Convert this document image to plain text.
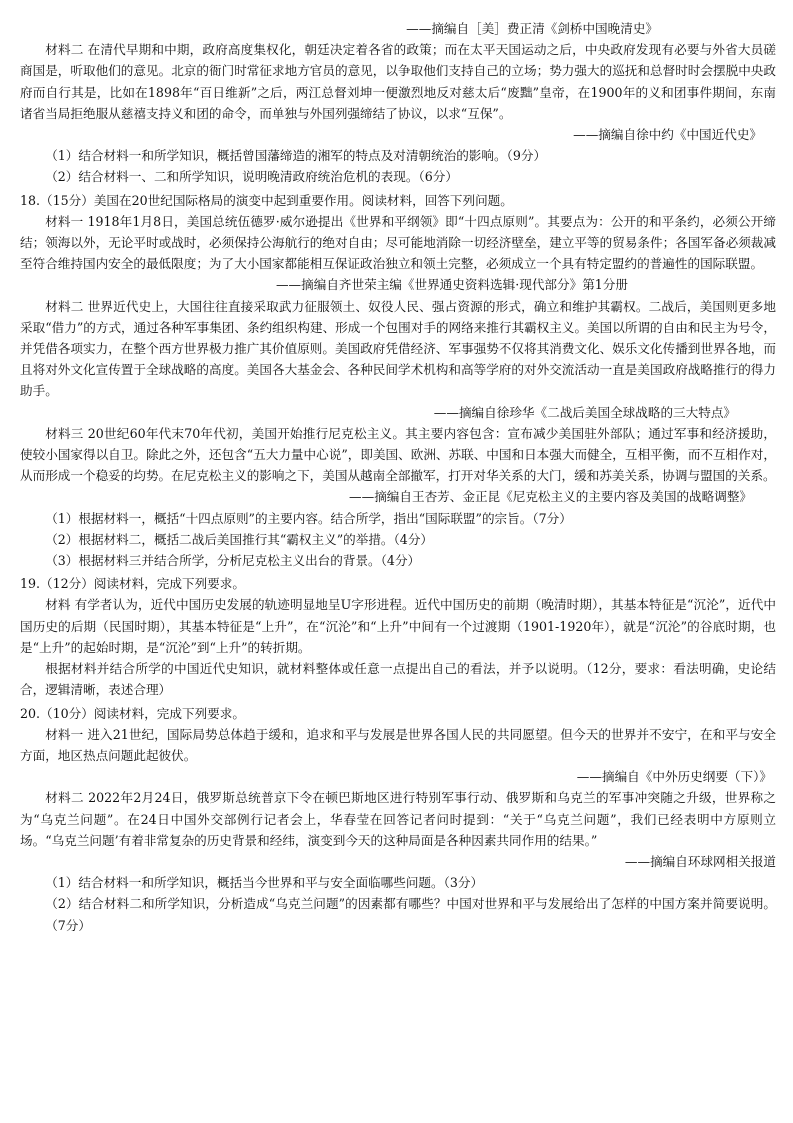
——摘编自［美］费正清《剑桥中国晚清史》

材料二 在清代早期和中期，政府高度集权化，朝廷决定着各省的政策；而在太平天国运动之后，中央政府发现有必要与外省大员磋商国是，听取他们的意见。北京的衙门时常征求地方官员的意见，以争取他们支持自己的立场；势力强大的巡抚和总督时时会摆脱中央政府而自行其是，比如在1898年“百日维新”之后，两江总督刘坤一便激烈地反对慈太后“废黜”皇帝，在1900年的义和团事件期间，东南诸省当局拒绝服从慈禧支持义和团的命令，而单独与外国列强缔结了协议，以求“互保”。

——摘编自徐中约《中国近代史》

（1）结合材料一和所学知识，概括曾国藩缔造的湘军的特点及对清朝统治的影响。（9分）

（2）结合材料一、二和所学知识，说明晚清政府统治危机的表现。（6分）

18.（15分）美国在20世纪国际格局的演变中起到重要作用。阅读材料，回答下列问题。

材料一 1918年1月8日，美国总统伍德罗·威尔逊提出《世界和平纲领》即“十四点原则”。其要点为：公开的和平条约，必须公开缔结；领海以外，无论平时或战时，必须保持公海航行的绝对自由；尽可能地消除一切经济壁垒，建立平等的贸易条件；各国军备必须裁减至符合维持国内安全的最低限度；为了大小国家都能相互保证政治独立和领土完整，必须成立一个具有特定盟约的普遍性的国际联盟。

——摘编自齐世荣主编《世界通史资料选辑·现代部分》第1分册

材料二 世界近代史上，大国往往直接采取武力征服领土、奴役人民、强占资源的形式，确立和维护其霸权。二战后，美国则更多地采取“借力”的方式，通过各种军事集团、条约组织构建、形成一个包围对手的网络来推行其霸权主义。美国以所谓的自由和民主为号令，并凭借各项实力，在整个西方世界极力推广其价值原则。美国政府凭借经济、军事强势不仅将其消费文化、娱乐文化传播到世界各地，而且将对外文化宣传置于全球战略的高度。美国各大基金会、各种民间学术机构和高等学府的对外交流活动一直是美国政府战略推行的得力助手。

——摘编自徐珍华《二战后美国全球战略的三大特点》

材料三 20世纪60年代末70年代初，美国开始推行尼克松主义。其主要内容包含：宣布减少美国驻外部队；通过军事和经济援助，使较小国家得以自卫。除此之外，还包含“五大力量中心说”，即美国、欧洲、苏联、中国和日本强大而健全，互相平衡，而不互相作对，从而形成一个稳妥的均势。在尼克松主义的影响之下，美国从越南全部撤军，打开对华关系的大门，缓和苏美关系，协调与盟国的关系。

——摘编自王杏芳、金正昆《尼克松主义的主要内容及美国的战略调整》

（1）根据材料一，概括“十四点原则”的主要内容。结合所学，指出“国际联盟”的宗旨。（7分）

（2）根据材料二，概括二战后美国推行其“霸权主义”的举措。（4分）

（3）根据材料三并结合所学，分析尼克松主义出台的背景。（4分）

19.（12分）阅读材料，完成下列要求。

材料 有学者认为，近代中国历史发展的轨迹明显地呈U字形进程。近代中国历史的前期（晚清时期），其基本特征是“沉沦”，近代中国历史的后期（民国时期），其基本特征是“上升”，在“沉沦”和“上升”中间有一个过渡期（1901-1920年），就是“沉沦”的谷底时期，也是“上升”的起始时期，是“沉沦”到“上升”的转折期。

根据材料并结合所学的中国近代史知识，就材料整体或任意一点提出自己的看法，并予以说明。（12分，要求：看法明确，史论结合，逻辑清晰，表述合理）

20.（10分）阅读材料，完成下列要求。

材料一 进入21世纪，国际局势总体趋于缓和，追求和平与发展是世界各国人民的共同愿望。但今天的世界并不安宁，在和平与安全方面，地区热点问题此起彼伏。

——摘编自《中外历史纲要（下）》

材料二 2022年2月24日，俄罗斯总统普京下令在顿巴斯地区进行特别军事行动、俄罗斯和乌克兰的军事冲突随之升级，世界称之为“乌克兰问题”。在24日中国外交部例行记者会上，华春莹在回答记者问时提到：“关于“乌克兰问题”，我们已经表明中方原则立场。“乌克兰问题’有着非常复杂的历史背景和经纬，演变到今天的这种局面是各种因素共同作用的结果。”

——摘编自环球网相关报道

（1）结合材料一和所学知识，概括当今世界和平与安全面临哪些问题。（3分）

（2）结合材料二和所学知识，分析造成“乌克兰问题”的因素都有哪些？中国对世界和平与发展给出了怎样的中国方案并简要说明。（7分）
